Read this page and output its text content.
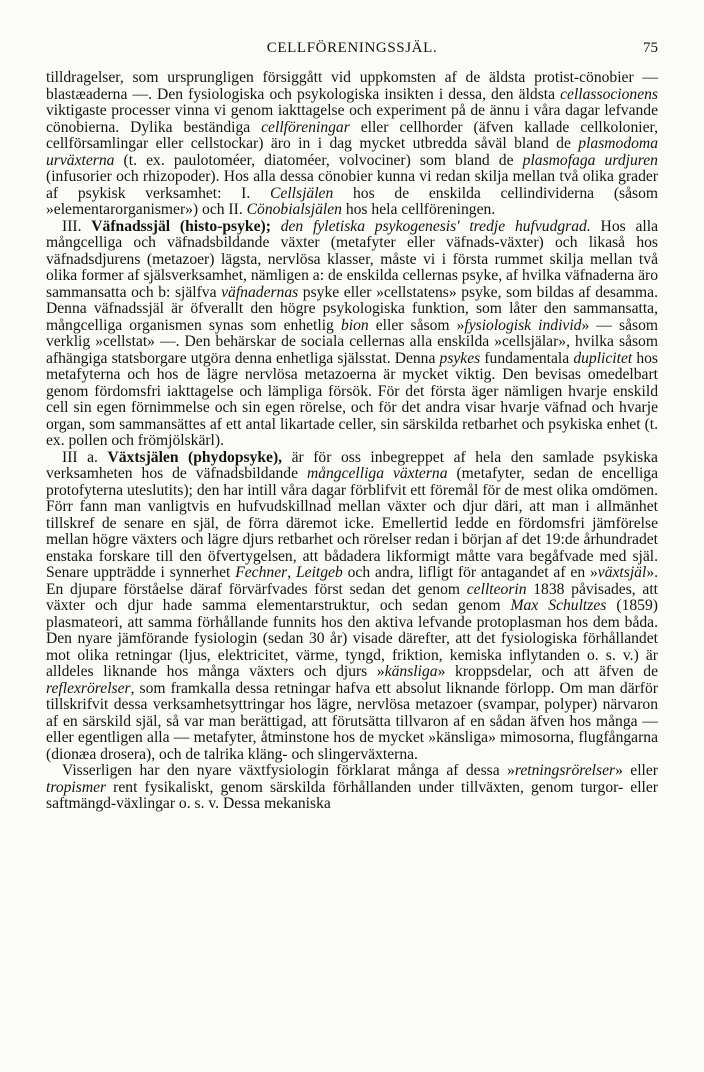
CELLFÖRENINGSSJÄL.	75

tilldragelser, som ursprungligen försiggått vid uppkomsten af de äldsta protist-cönobier — blastæaderna —. Den fysiologiska och psykologiska insikten i dessa, den äldsta cellassocionens viktigaste processer vinna vi genom iakttagelse och experiment på de ännu i våra dagar lefvande cönobierna. Dylika beständiga cellföreningar eller cellhorder (äfven kallade cellkolonier, cellförsamlingar eller cellstockar) äro in i dag mycket utbredda såväl bland de plasmodoma urväxterna (t. ex. paulotoméer, diatoméer, volvociner) som bland de plasmofaga urdjuren (infusorier och rhizopoder). Hos alla dessa cönobier kunna vi redan skilja mellan två olika grader af psykisk verksamhet: I. Cellsjälen hos de enskilda cellindividerna (såsom »elementarorganismer») och II. Cönobialsjälen hos hela cellföreningen.

III. Väfnadssjäl (histo-psyke); den fyletiska psykogenesis' tredje hufvudgrad. Hos alla mångcelliga och väfnadsbildande växter (metafyter eller väfnads-växter) och likaså hos väfnadsdjurens (metazoer) lägsta, nervlösa klasser, måste vi i första rummet skilja mellan två olika former af själsverksamhet, nämligen a: de enskilda cellernas psyke, af hvilka väfnaderna äro sammansatta och b: själfva väfnadernas psyke eller »cellstatens» psyke, som bildas af desamma. Denna väfnadssjäl är öfverallt den högre psykologiska funktion, som låter den sammansatta, mångcelliga organismen synas som enhetlig bion eller såsom »fysiologisk individ» — såsom verklig »cellstat» —. Den behärskar de sociala cellernas alla enskilda »cellsjälar», hvilka såsom afhängiga statsborgare utgöra denna enhetliga själsstat. Denna psykes fundamentala duplicitet hos metafyterna och hos de lägre nervlösa metazoerna är mycket viktig. Den bevisas omedelbart genom fördomsfri iakttagelse och lämpliga försök. För det första äger nämligen hvarje enskild cell sin egen förnimmelse och sin egen rörelse, och för det andra visar hvarje väfnad och hvarje organ, som sammansättes af ett antal likartade celler, sin särskilda retbarhet och psykiska enhet (t. ex. pollen och frömjölskärl).

III a. Växtsjälen (phydopsyke), är för oss inbegreppet af hela den samlade psykiska verksamheten hos de väfnadsbildande mångcelliga växterna (metafyter, sedan de encelliga protofyterna uteslutits); den har intill våra dagar förblifvit ett föremål för de mest olika omdömen. Förr fann man vanligtvis en hufvudskillnad mellan växter och djur däri, att man i allmänhet tillskref de senare en själ, de förra däremot icke. Emellertid ledde en fördomsfri jämförelse mellan högre växters och lägre djurs retbarhet och rörelser redan i början af det 19:de århundradet enstaka forskare till den öfvertygelsen, att bådadera likformigt måtte vara begåfvade med själ. Senare uppträdde i synnerhet Fechner, Leitgeb och andra, lifligt för antagandet af en »växtsjäl». En djupare förståelse däraf förvärfvades först sedan det genom cellteorin 1838 påvisades, att växter och djur hade samma elementarstruktur, och sedan genom Max Schultzes (1859) plasmateori, att samma förhållande funnits hos den aktiva lefvande protoplasman hos dem båda. Den nyare jämförande fysiologin (sedan 30 år) visade därefter, att det fysiologiska förhållandet mot olika retningar (ljus, elektricitet, värme, tyngd, friktion, kemiska inflytanden o. s. v.) är alldeles liknande hos många växters och djurs »känsliga» kroppsdelar, och att äfven de reflexrörelser, som framkalla dessa retningar hafva ett absolut liknande förlopp. Om man därför tillskrifvit dessa verksamhetsyttringar hos lägre, nervlösa metazoer (svampar, polyper) närvaron af en särskild själ, så var man berättigad, att förutsätta tillvaron af en sådan äfven hos många — eller egentligen alla — metafyter, åtminstone hos de mycket »känsliga» mimosorna, flugfångarna (dionæa drosera), och de talrika kläng- och slingerväxterna.

Visserligen har den nyare växtfysiologin förklarat många af dessa »retningsrörelser» eller tropismer rent fysikaliskt, genom särskilda förhållanden under tillväxten, genom turgor- eller saftmängd-växlingar o. s. v. Dessa mekaniska
